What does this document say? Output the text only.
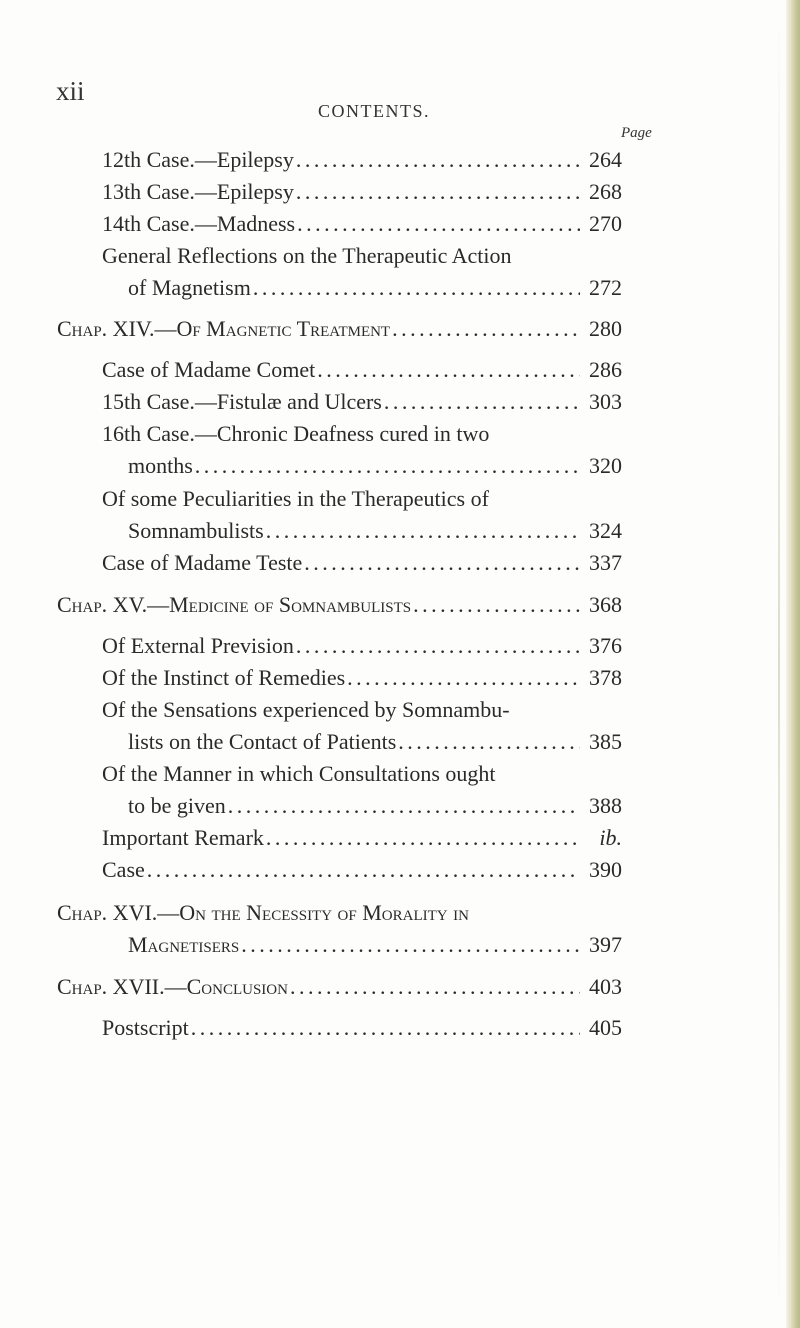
xii
CONTENTS.
Page
12th Case.—Epilepsy . . .	264
13th Case.—Epilepsy . . .	268
14th Case.—Madness . . .	270
General Reflections on the Therapeutic Action
of Magnetism . . .	272
Chap. XIV.—Of Magnetic Treatment . . .	280
Case of Madame Comet . . .	286
15th Case.—Fistulæ and Ulcers . . .	303
16th Case.—Chronic Deafness cured in two
months . . .	320
Of some Peculiarities in the Therapeutics of
Somnambulists . . .	324
Case of Madame Teste . . .	337
Chap. XV.—Medicine of Somnambulists . . .	368
Of External Prevision . . .	376
Of the Instinct of Remedies . . .	378
Of the Sensations experienced by Somnambu-
lists on the Contact of Patients . . .	385
Of the Manner in which Consultations ought
to be given . . .	388
Important Remark . . .	ib.
Case . . .	390
Chap. XVI.—On the Necessity of Morality in
Magnetisers . . .	397
Chap. XVII.—Conclusion . . .	403
Postscript . . .	405
